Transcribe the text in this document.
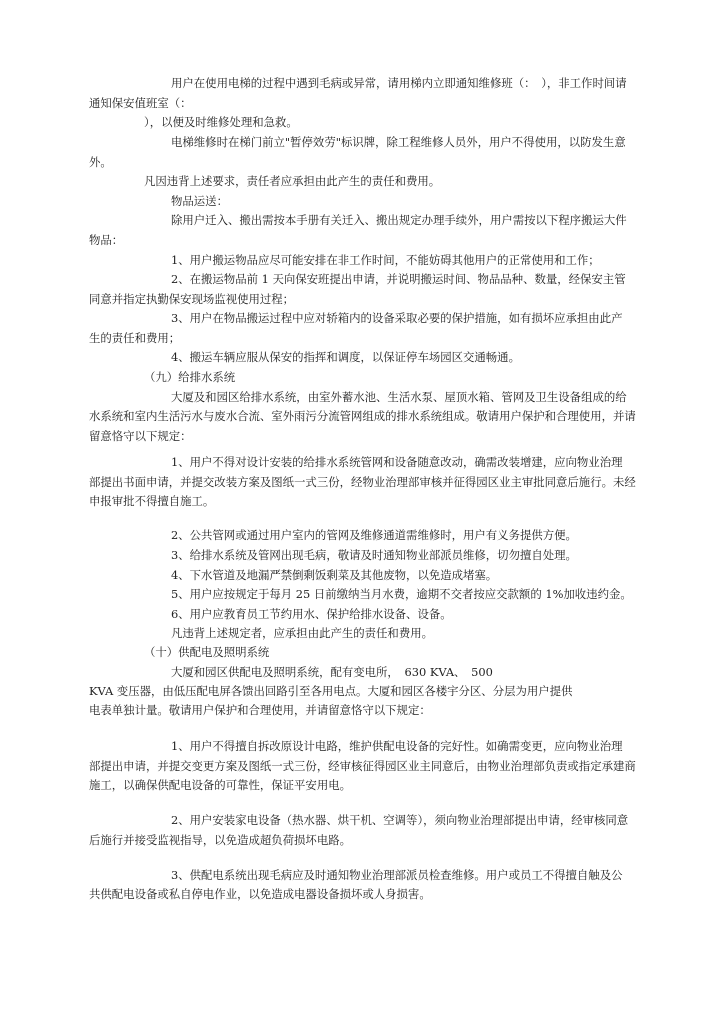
用户在使用电梯的过程中遇到毛病或异常，请用梯内立即通知维修班（：　），非工作时间请
通知保安值班室（：
），以便及时维修处理和急救。
电梯维修时在梯门前立"暂停效劳"标识牌，除工程维修人员外，用户不得使用，以防发生意
外。
凡因违背上述要求，责任者应承担由此产生的责任和费用。
物品运送：
除用户迁入、搬出需按本手册有关迁入、搬出规定办理手续外，用户需按以下程序搬运大件
物品：
1、用户搬运物品应尽可能安排在非工作时间，不能妨碍其他用户的正常使用和工作；
2、在搬运物品前 1 天向保安班提出申请，并说明搬运时间、物品品种、数量，经保安主管
同意并指定执勤保安现场监视使用过程；
3、用户在物品搬运过程中应对轿箱内的设备采取必要的保护措施，如有损坏应承担由此产
生的责任和费用；
4、搬运车辆应服从保安的指挥和调度，以保证停车场园区交通畅通。
（九）给排水系统
大厦及和园区给排水系统，由室外蓄水池、生活水泵、屋顶水箱、管网及卫生设备组成的给
水系统和室内生活污水与废水合流、室外雨污分流管网组成的排水系统组成。敬请用户保护和合理使用，并请
留意恪守以下规定：
1、用户不得对设计安装的给排水系统管网和设备随意改动，确需改装增建，应向物业治理
部提出书面申请，并提交改装方案及图纸一式三份，经物业治理部审核并征得园区业主审批同意后施行。未经
申报审批不得擅自施工。
2、公共管网或通过用户室内的管网及维修通道需维修时，用户有义务提供方便。
3、给排水系统及管网出现毛病，敬请及时通知物业部派员维修，切勿擅自处理。
4、下水管道及地漏严禁倒剩饭剩菜及其他废物，以免造成堵塞。
5、用户应按规定于每月 25 日前缴纳当月水费，逾期不交者按应交款额的 1%加收违约金。
6、用户应教育员工节约用水、保护给排水设备、设备。
凡违背上述规定者，应承担由此产生的责任和费用。
（十）供配电及照明系统
大厦和园区供配电及照明系统，配有变电所，　630 KVA、　500
KVA 变压器，由低压配电屏各馈出回路引至各用电点。大厦和园区各楼宇分区、分层为用户提供
电表单独计量。敬请用户保护和合理使用，并请留意恪守以下规定：
1、用户不得擅自拆改原设计电路，维护供配电设备的完好性。如确需变更，应向物业治理
部提出申请，并提交变更方案及图纸一式三份，经审核征得园区业主同意后，由物业治理部负责或指定承建商
施工，以确保供配电设备的可靠性，保证平安用电。
2、用户安装家电设备（热水器、烘干机、空调等），须向物业治理部提出申请，经审核同意
后施行并接受监视指导，以免造成超负荷损坏电路。
3、供配电系统出现毛病应及时通知物业治理部派员检查维修。用户或员工不得擅自触及公
共供配电设备或私自停电作业，以免造成电器设备损坏或人身损害。
